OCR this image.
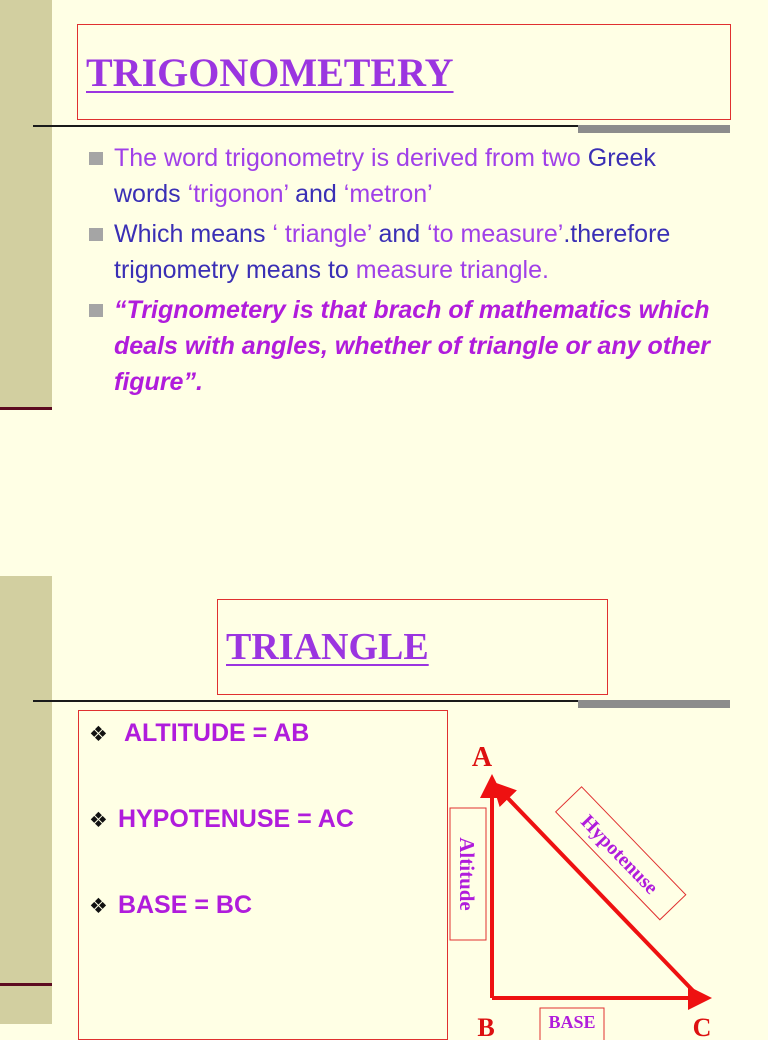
TRIGONOMETERY
The word trigonometry is derived from two Greek words ‘trigonon’ and ‘metron’
Which means ‘ triangle’ and ‘to measure’.therefore trignometry means to measure triangle.
“Trignometery is that brach of mathematics which deals with angles, whether of triangle or any other figure”.
TRIANGLE
❖ ALTITUDE = AB
❖ HYPOTENUSE = AC
❖ BASE = BC
A
B	C
Altitude	Hypotenuse
BASE
